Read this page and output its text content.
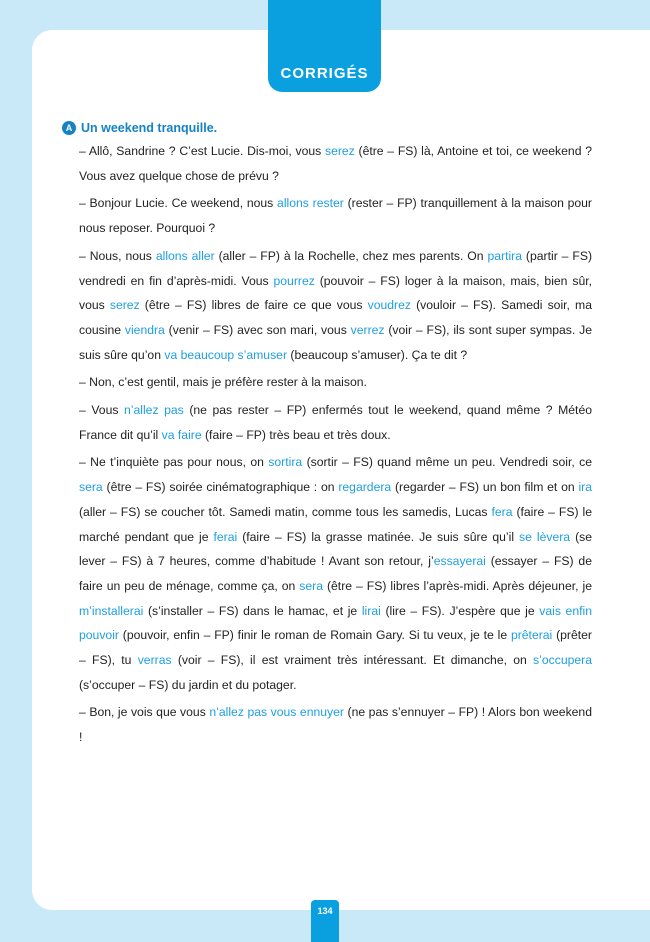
CORRIGÉS
A Un weekend tranquille.

– Allô, Sandrine ? C’est Lucie. Dis-moi, vous serez (être – FS) là, Antoine et toi, ce weekend ? Vous avez quelque chose de prévu ?

– Bonjour Lucie. Ce weekend, nous allons rester (rester – FP) tranquillement à la maison pour nous reposer. Pourquoi ?

– Nous, nous allons aller (aller – FP) à la Rochelle, chez mes parents. On partira (partir – FS) vendredi en fin d’après-midi. Vous pourrez (pouvoir – FS) loger à la maison, mais, bien sûr, vous serez (être – FS) libres de faire ce que vous voudrez (vouloir – FS). Samedi soir, ma cousine viendra (venir – FS) avec son mari, vous verrez (voir – FS), ils sont super sympas. Je suis sûre qu’on va beaucoup s’amuser (beaucoup s’amuser). Ça te dit ?

– Non, c’est gentil, mais je préfère rester à la maison.

– Vous n’allez pas (ne pas rester – FP) enfermés tout le weekend, quand même ? Météo France dit qu’il va faire (faire – FP) très beau et très doux.

– Ne t’inquiète pas pour nous, on sortira (sortir – FS) quand même un peu. Vendredi soir, ce sera (être – FS) soirée cinématographique : on regardera (regarder – FS) un bon film et on ira (aller – FS) se coucher tôt. Samedi matin, comme tous les samedis, Lucas fera (faire – FS) le marché pendant que je ferai (faire – FS) la grasse matinée. Je suis sûre qu’il se lèvera (se lever – FS) à 7 heures, comme d’habitude ! Avant son retour, j’essayerai (essayer – FS) de faire un peu de ménage, comme ça, on sera (être – FS) libres l’après-midi. Après déjeuner, je m’installerai (s’installer – FS) dans le hamac, et je lirai (lire – FS). J’espère que je vais enfin pouvoir (pouvoir, enfin – FP) finir le roman de Romain Gary. Si tu veux, je te le prêterai (prêter – FS), tu verras (voir – FS), il est vraiment très intéressant. Et dimanche, on s’occupera (s’occuper – FS) du jardin et du potager.

– Bon, je vois que vous n’allez pas vous ennuyer (ne pas s’ennuyer – FP) ! Alors bon weekend !

134
